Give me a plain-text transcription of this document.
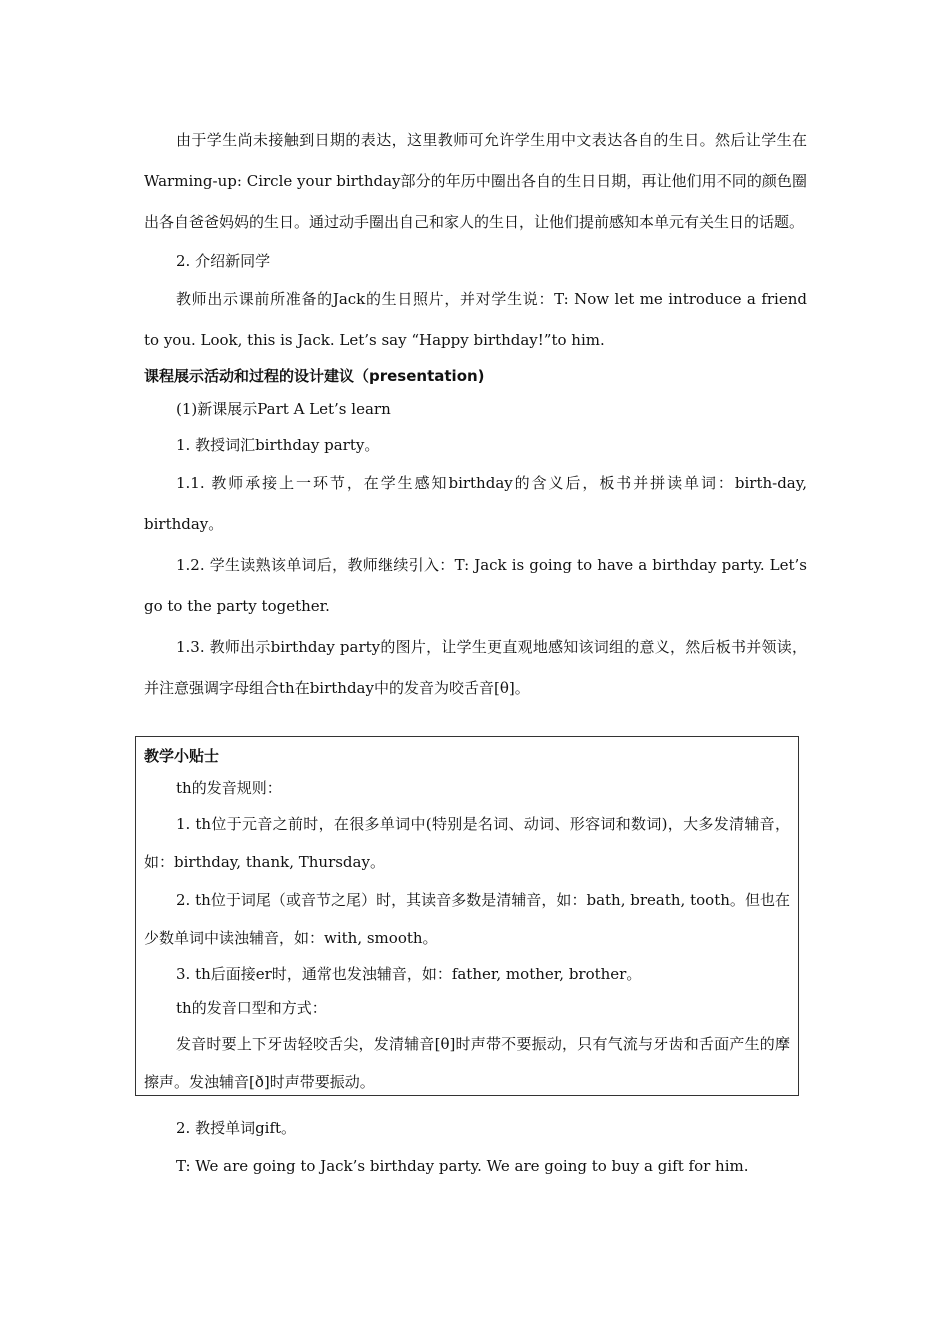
由于学生尚未接触到日期的表达，这里教师可允许学生用中文表达各自的生日。然后让学生在Warming-up: Circle your birthday部分的年历中圈出各自的生日日期，再让他们用不同的颜色圈出各自爸爸妈妈的生日。通过动手圈出自己和家人的生日，让他们提前感知本单元有关生日的话题。

2. 介绍新同学

教师出示课前所准备的Jack的生日照片，并对学生说：T: Now let me introduce a friend to you. Look, this is Jack. Let’s say “Happy birthday!”to him.

课程展示活动和过程的设计建议（presentation)

(1)新课展示Part A Let’s learn

1. 教授词汇birthday party。

1.1. 教师承接上一环节，在学生感知birthday的含义后，板书并拼读单词：birth-day, birthday。

1.2. 学生读熟该单词后，教师继续引入：T: Jack is going to have a birthday party. Let’s go to the party together.

1.3. 教师出示birthday party的图片，让学生更直观地感知该词组的意义，然后板书并领读，并注意强调字母组合th在birthday中的发音为咬舌音[θ]。

教学小贴士

th的发音规则：

1. th位于元音之前时，在很多单词中(特别是名词、动词、形容词和数词)，大多发清辅音，如：birthday, thank, Thursday。

2. th位于词尾（或音节之尾）时，其读音多数是清辅音，如：bath, breath, tooth。但也在少数单词中读浊辅音，如：with, smooth。

3. th后面接er时，通常也发浊辅音，如：father, mother, brother。

th的发音口型和方式：

发音时要上下牙齿轻咬舌尖，发清辅音[θ]时声带不要振动，只有气流与牙齿和舌面产生的摩擦声。发浊辅音[ð]时声带要振动。

2. 教授单词gift。

T: We are going to Jack’s birthday party. We are going to buy a gift for him.
